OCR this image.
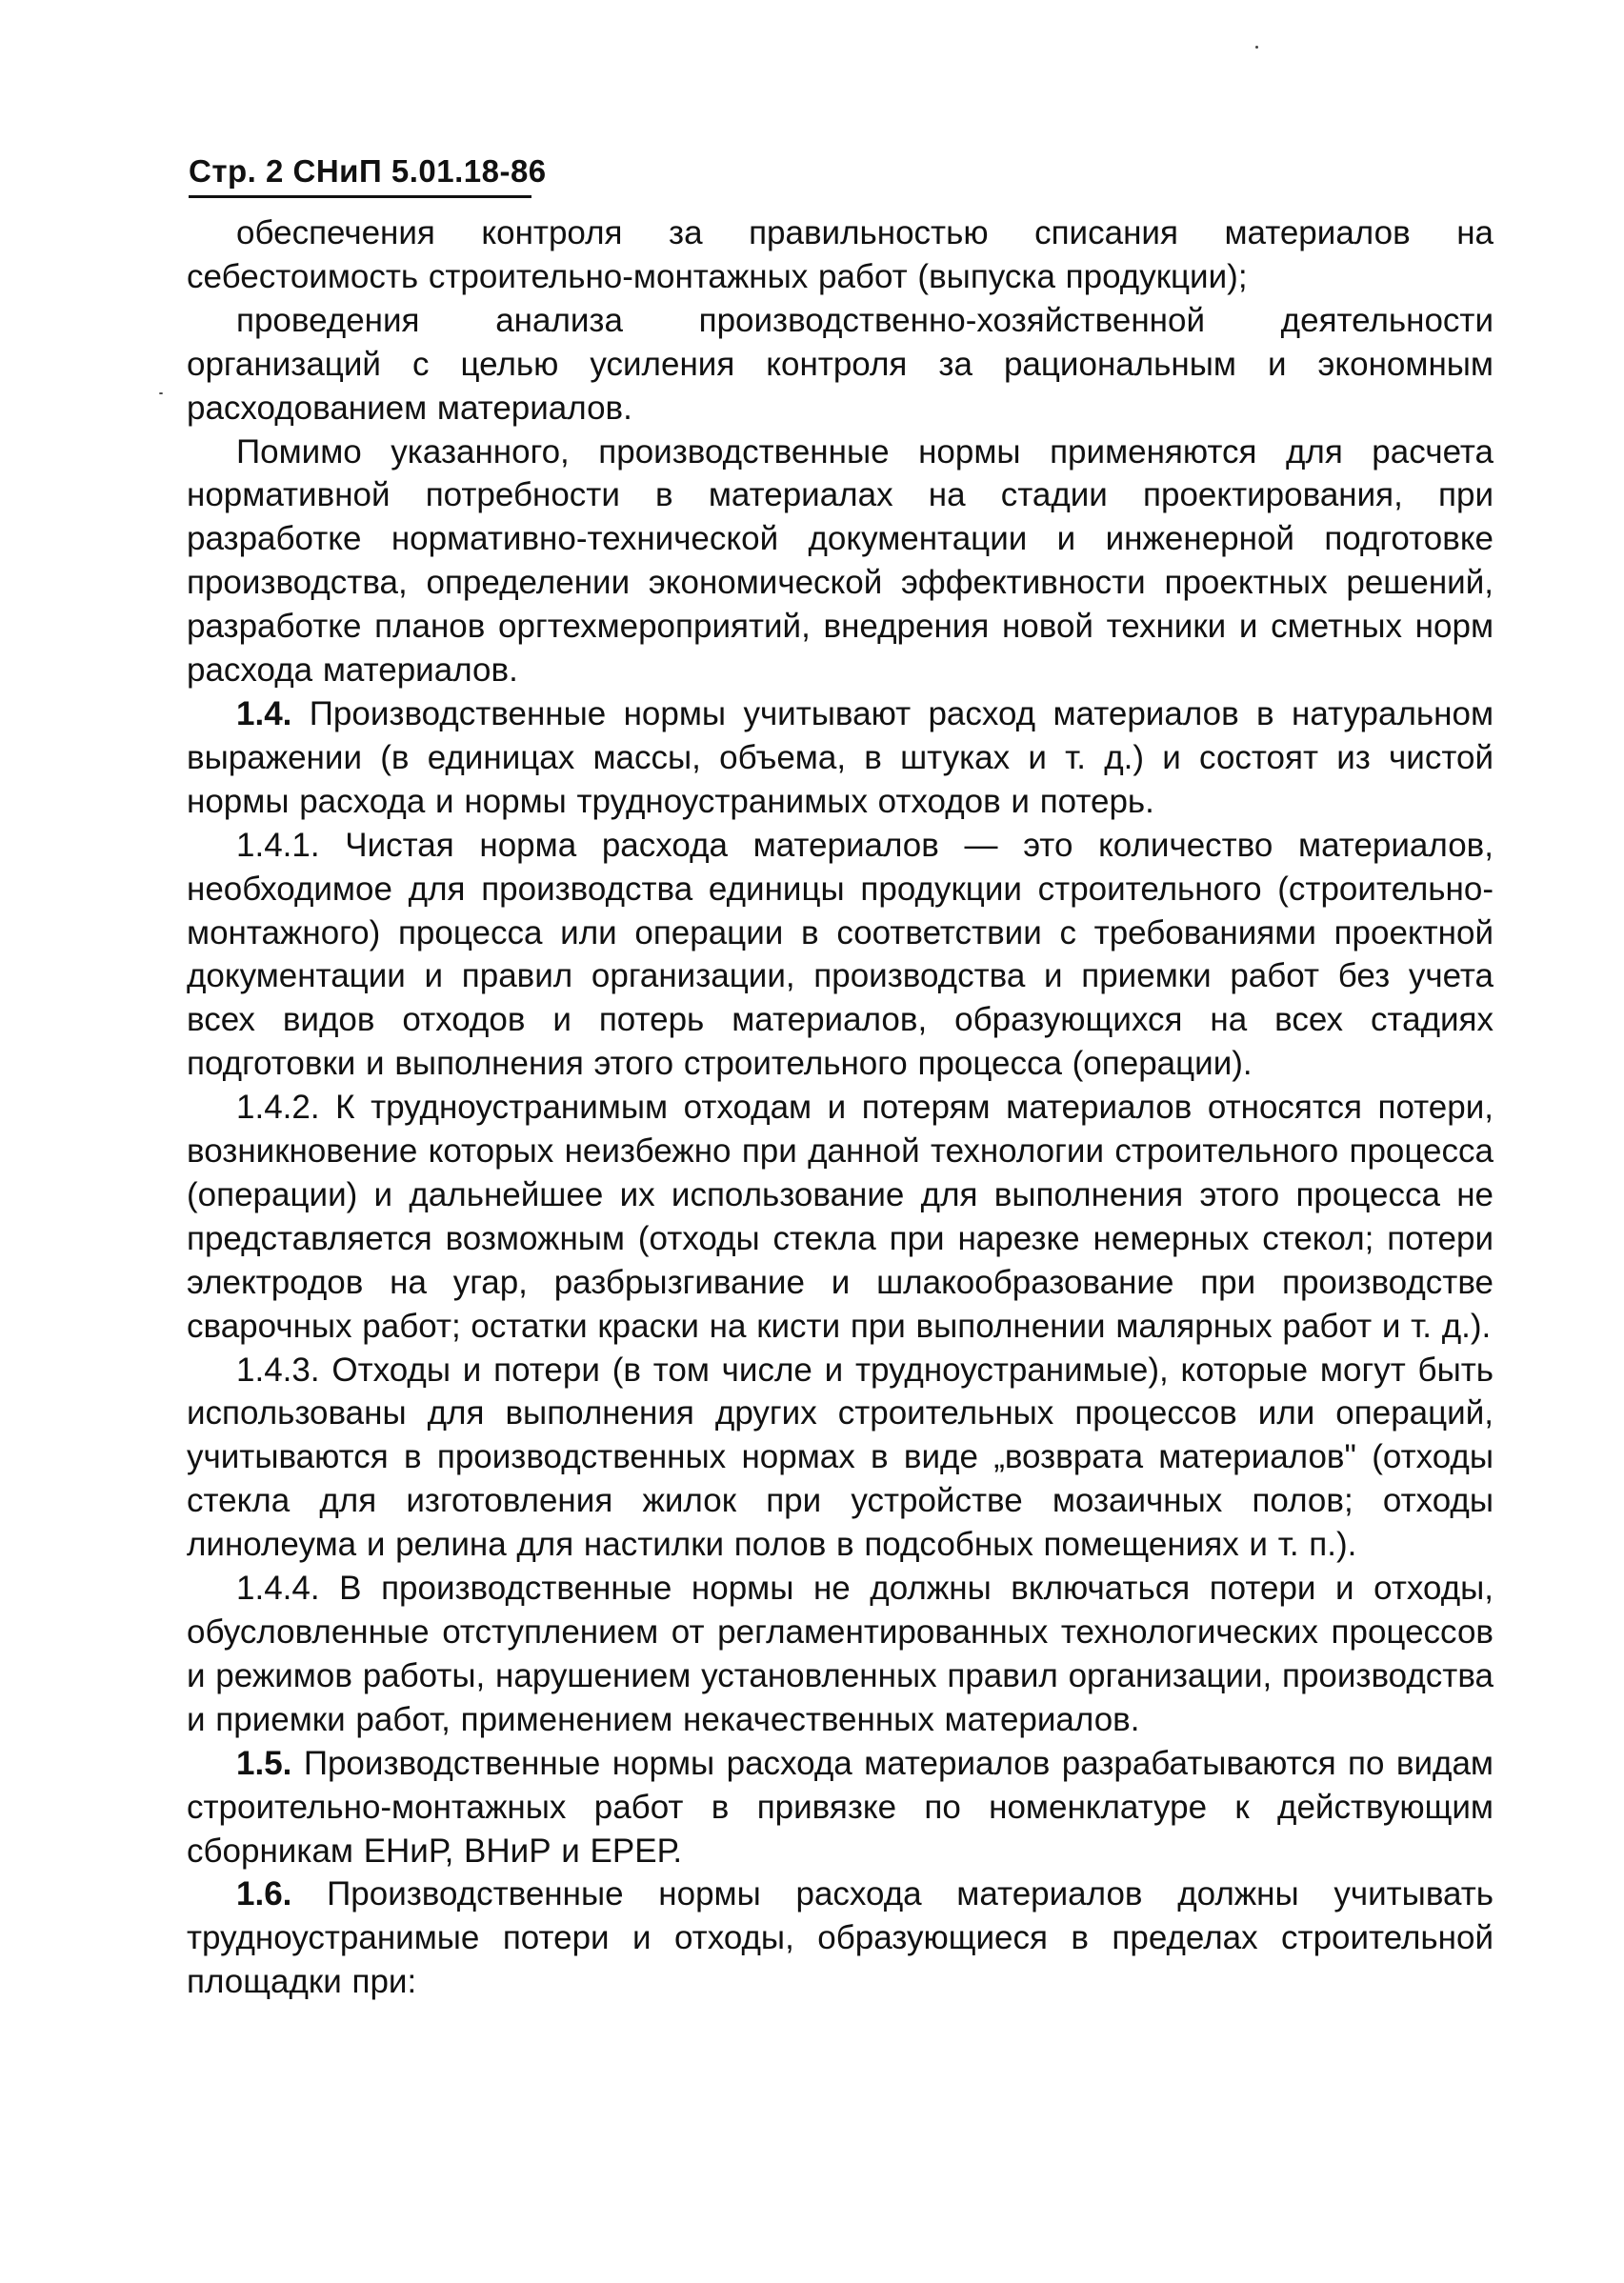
Стр. 2 СНиП 5.01.18-86

обеспечения контроля за правильностью списания материалов на себестоимость строительно-монтажных работ (выпуска продукции);

проведения анализа производственно-хозяйственной деятельности организаций с целью усиления контроля за рациональным и экономным расходованием материалов.

Помимо указанного, производственные нормы применяются для расчета нормативной потребности в материалах на стадии проектирования, при разработке нормативно-технической документации и инженерной подготовке производства, определении экономической эффективности проектных решений, разработке планов оргтехмероприятий, внедрения новой техники и сметных норм расхода материалов.

1.4. Производственные нормы учитывают расход материалов в натуральном выражении (в единицах массы, объема, в штуках и т. д.) и состоят из чистой нормы расхода и нормы трудноустранимых отходов и потерь.

1.4.1. Чистая норма расхода материалов — это количество материалов, необходимое для производства единицы продукции строительного (строительно-монтажного) процесса или операции в соответствии с требованиями проектной документации и правил организации, производства и приемки работ без учета всех видов отходов и потерь материалов, образующихся на всех стадиях подготовки и выполнения этого строительного процесса (операции).

1.4.2. К трудноустранимым отходам и потерям материалов относятся потери, возникновение которых неизбежно при данной технологии строительного процесса (операции) и дальнейшее их использование для выполнения этого процесса не представляется возможным (отходы стекла при нарезке немерных стекол; потери электродов на угар, разбрызгивание и шлакообразование при производстве сварочных работ; остатки краски на кисти при выполнении малярных работ и т. д.).

1.4.3. Отходы и потери (в том числе и трудноустранимые), которые могут быть использованы для выполнения других строительных процессов или операций, учитываются в производственных нормах в виде „возврата материалов" (отходы стекла для изготовления жилок при устройстве мозаичных полов; отходы линолеума и релина для настилки полов в подсобных помещениях и т. п.).

1.4.4. В производственные нормы не должны включаться потери и отходы, обусловленные отступлением от регламентированных технологических процессов и режимов работы, нарушением установленных правил организации, производства и приемки работ, применением некачественных материалов.

1.5. Производственные нормы расхода материалов разрабатываются по видам строительно-монтажных работ в привязке по номенклатуре к действующим сборникам ЕНиР, ВНиР и ЕРЕР.

1.6. Производственные нормы расхода материалов должны учитывать трудноустранимые потери и отходы, образующиеся в пределах строительной площадки при:
